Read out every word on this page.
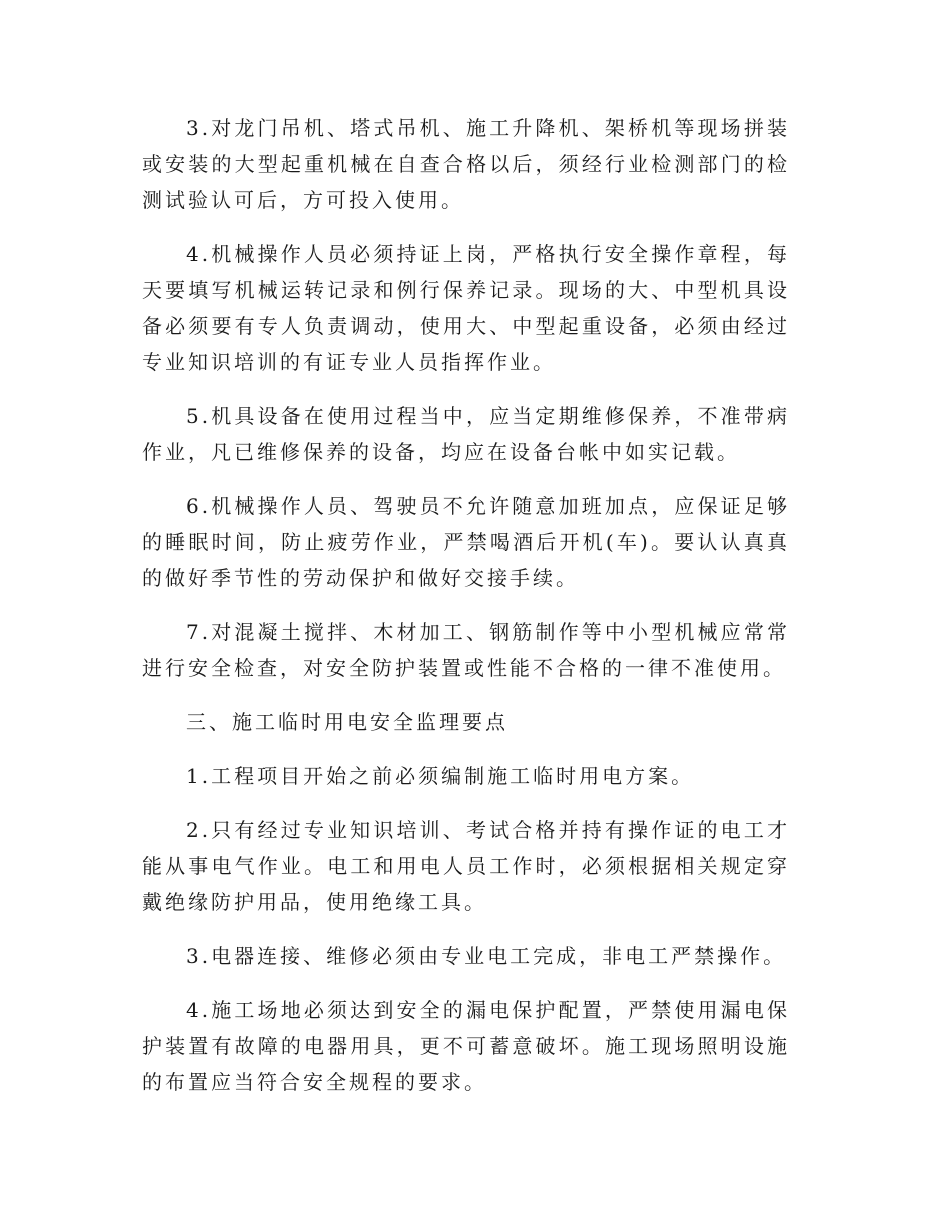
3.对龙门吊机、塔式吊机、施工升降机、架桥机等现场拼装或安装的大型起重机械在自查合格以后，须经行业检测部门的检测试验认可后，方可投入使用。

4.机械操作人员必须持证上岗，严格执行安全操作章程，每天要填写机械运转记录和例行保养记录。现场的大、中型机具设备必须要有专人负责调动，使用大、中型起重设备，必须由经过专业知识培训的有证专业人员指挥作业。

5.机具设备在使用过程当中，应当定期维修保养，不准带病作业，凡已维修保养的设备，均应在设备台帐中如实记载。

6.机械操作人员、驾驶员不允许随意加班加点，应保证足够的睡眠时间，防止疲劳作业，严禁喝酒后开机(车)。要认认真真的做好季节性的劳动保护和做好交接手续。

7.对混凝土搅拌、木材加工、钢筋制作等中小型机械应常常进行安全检查，对安全防护装置或性能不合格的一律不准使用。

三、施工临时用电安全监理要点

1.工程项目开始之前必须编制施工临时用电方案。

2.只有经过专业知识培训、考试合格并持有操作证的电工才能从事电气作业。电工和用电人员工作时，必须根据相关规定穿戴绝缘防护用品，使用绝缘工具。

3.电器连接、维修必须由专业电工完成，非电工严禁操作。

4.施工场地必须达到安全的漏电保护配置，严禁使用漏电保护装置有故障的电器用具，更不可蓄意破坏。施工现场照明设施的布置应当符合安全规程的要求。
